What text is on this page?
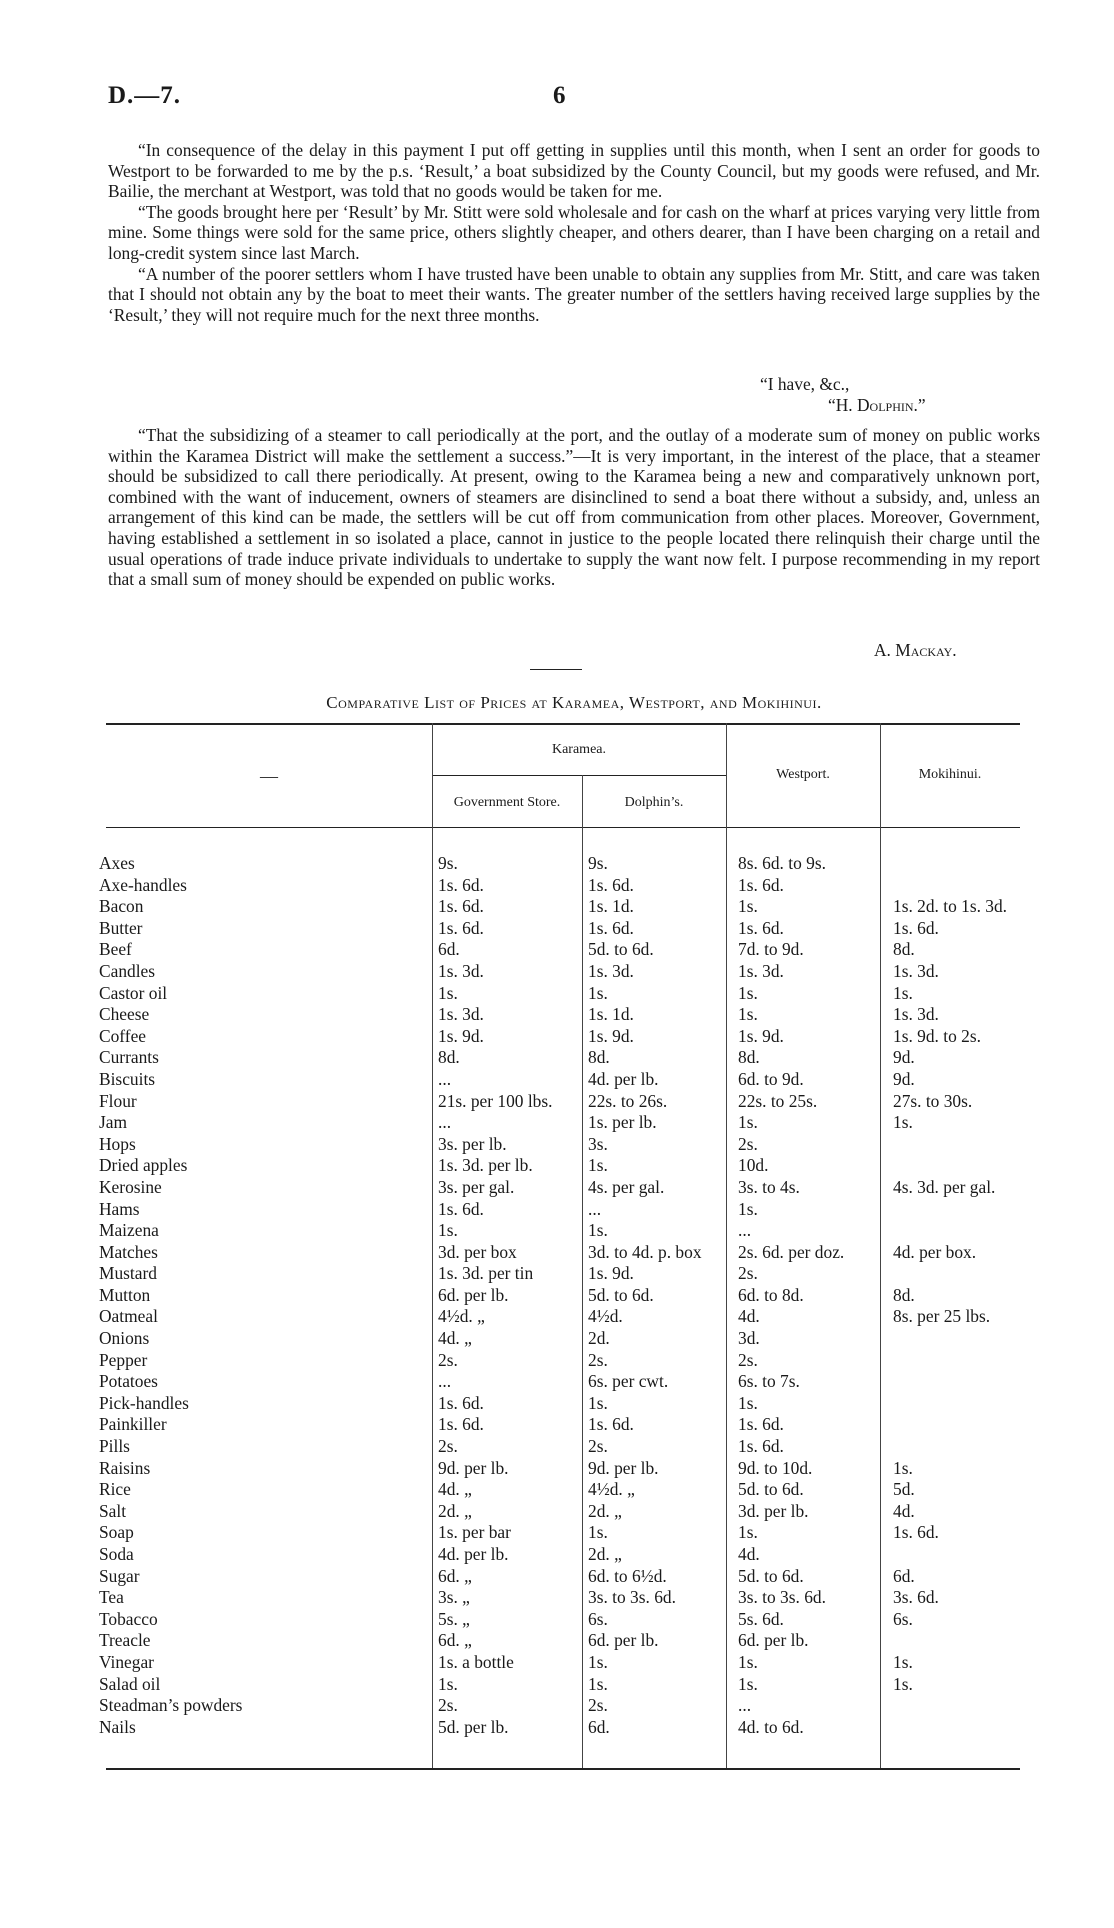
D.—7.	6

“In consequence of the delay in this payment I put off getting in supplies until this month, when I sent an order for goods to Westport to be forwarded to me by the p.s. ‘Result,’ a boat subsidized by the County Council, but my goods were refused, and Mr. Bailie, the merchant at Westport, was told that no goods would be taken for me.

“The goods brought here per ‘Result’ by Mr. Stitt were sold wholesale and for cash on the wharf at prices varying very little from mine. Some things were sold for the same price, others slightly cheaper, and others dearer, than I have been charging on a retail and long-credit system since last March.

“A number of the poorer settlers whom I have trusted have been unable to obtain any supplies from Mr. Stitt, and care was taken that I should not obtain any by the boat to meet their wants. The greater number of the settlers having received large supplies by the ‘Result,’ they will not require much for the next three months.

“I have, &c.,
“H. Dolphin.”

“That the subsidizing of a steamer to call periodically at the port, and the outlay of a moderate sum of money on public works within the Karamea District will make the settlement a success.”—It is very important, in the interest of the place, that a steamer should be subsidized to call there periodically. At present, owing to the Karamea being a new and comparatively unknown port, combined with the want of inducement, owners of steamers are disinclined to send a boat there without a subsidy, and, unless an arrangement of this kind can be made, the settlers will be cut off from communication from other places. Moreover, Government, having established a settlement in so isolated a place, cannot in justice to the people located there relinquish their charge until the usual operations of trade induce private individuals to undertake to supply the want now felt. I purpose recommending in my report that a small sum of money should be expended on public works.

A. Mackay.
Comparative List of Prices at Karamea, Westport, and Mokihinui.
—
Karamea.
Government Store.	Dolphin’s.
Westport.	Mokihinui.
Axes	9s.	9s.	8s. 6d. to 9s.
Axe-handles	1s. 6d.	1s. 6d.	1s. 6d.
Bacon	1s. 6d.	1s. 1d.	1s.	1s. 2d. to 1s. 3d.
Butter	1s. 6d.	1s. 6d.	1s. 6d.	1s. 6d.
Beef	6d.	5d. to 6d.	7d. to 9d.	8d.
Candles	1s. 3d.	1s. 3d.	1s. 3d.	1s. 3d.
Castor oil	1s.	1s.	1s.	1s.
Cheese	1s. 3d.	1s. 1d.	1s.	1s. 3d.
Coffee	1s. 9d.	1s. 9d.	1s. 9d.	1s. 9d. to 2s.
Currants	8d.	8d.	8d.	9d.
Biscuits	...	4d. per lb.	6d. to 9d.	9d.
Flour	21s. per 100 lbs.	22s. to 26s.	22s. to 25s.	27s. to 30s.
Jam	...	1s. per lb.	1s.	1s.
Hops	3s. per lb.	3s.	2s.
Dried apples	1s. 3d. per lb.	1s.	10d.
Kerosine	3s. per gal.	4s. per gal.	3s. to 4s.	4s. 3d. per gal.
Hams	1s. 6d.	...	1s.
Maizena	1s.	1s.	...
Matches	3d. per box	3d. to 4d. p. box	2s. 6d. per doz.	4d. per box.
Mustard	1s. 3d. per tin	1s. 9d.	2s.
Mutton	6d. per lb.	5d. to 6d.	6d. to 8d.	8d.
Oatmeal	4½d. „	4½d.	4d.	8s. per 25 lbs.
Onions	4d. „	2d.	3d.
Pepper	2s.	2s.	2s.
Potatoes	...	6s. per cwt.	6s. to 7s.
Pick-handles	1s. 6d.	1s.	1s.
Painkiller	1s. 6d.	1s. 6d.	1s. 6d.
Pills	2s.	2s.	1s. 6d.
Raisins	9d. per lb.	9d. per lb.	9d. to 10d.	1s.
Rice	4d. „	4½d. „	5d. to 6d.	5d.
Salt	2d. „	2d. „	3d. per lb.	4d.
Soap	1s. per bar	1s.	1s.	1s. 6d.
Soda	4d. per lb.	2d. „	4d.
Sugar	6d. „	6d. to 6½d.	5d. to 6d.	6d.
Tea	3s. „	3s. to 3s. 6d.	3s. to 3s. 6d.	3s. 6d.
Tobacco	5s. „	6s.	5s. 6d.	6s.
Treacle	6d. „	6d. per lb.	6d. per lb.
Vinegar	1s. a bottle	1s.	1s.	1s.
Salad oil	1s.	1s.	1s.	1s.
Steadman’s powders	2s.	2s.	...
Nails	5d. per lb.	6d.	4d. to 6d.
